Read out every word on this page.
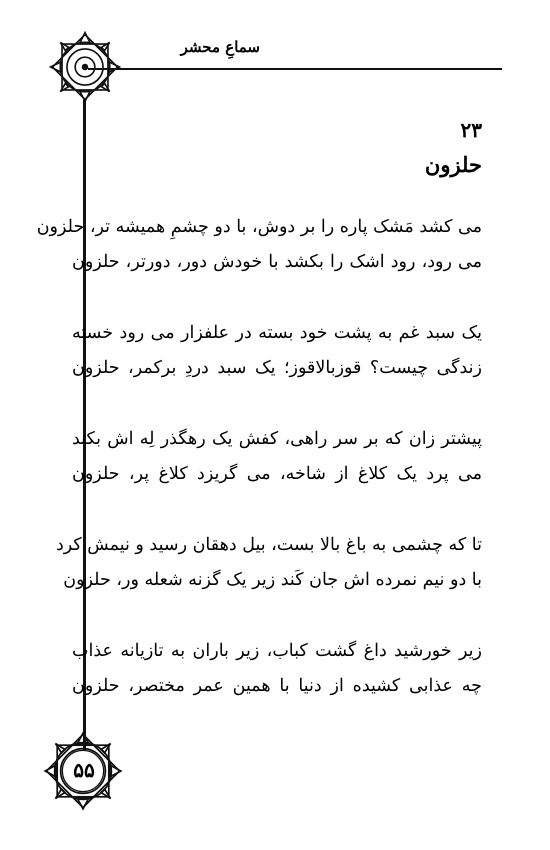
سماعِ محشر
۲۳
حلزون
می کشد مَشک پاره را بر دوش، با دو چشمِ همیشه تر، حلزون
می رود، رود اشک را بکشد با خودش دور، دورتر، حلزون
یک سبد غم به پشت خود بسته در علفزار می رود خسته
زندگی چیست؟ قوزبالاقوز؛ یک سبد دردِ برکمر، حلزون
پیشتر زان که بر سر راهی، کفش یک رهگذر لِه اش بکند
می پرد یک کلاغ از شاخه، می گریزد کلاغ پر، حلزون
تا که چشمی به باغ بالا بست، بیل دهقان رسید و نیمش کرد
با دو نیم نمرده اش جان کَند زیر یک گزنه شعله ور، حلزون
زیر خورشید داغ گشت کباب، زیر باران به تازیانه عذاب
چه عذابی کشیده از دنیا با همین عمر مختصر، حلزون
۵۵
